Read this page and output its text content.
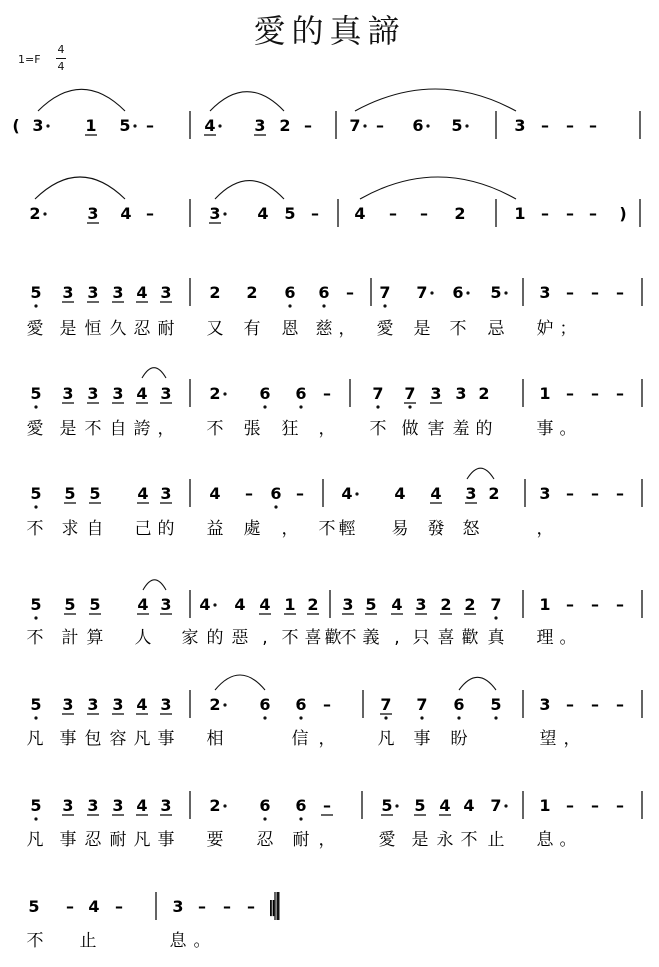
愛的真諦
1=F
4
4
( 3	1 5 –	4 3 2 – 7 – 6 5	3 – – –
2	3 4 –	3 4 5 – 4 – – 2	1 – – – )
5 3 3 3 4 3 2 2 6 6 – 7 7 6 5 3 – – –
愛 是 恒 久 忍 耐 又 有 恩 慈 ， 愛 是 不 忌 妒 ；
5 3 3 3 4 3 2 6 6 –	7 7 3 3 2	1 – – –
愛 是 不 自 誇 ， 不 張 狂 ， 不 做 害 羞 的	事 。
5 5 5 4 3 4 – 6 – 4	4 4 3 2 3 – – –
不 求 自 己 的 益 處 ， 不 輕 易 發 怒	，
5 5 5 4 3 4 4 4 1 2 3 5 4 3 2 2 7 1 – – –
不 計 算 人 家 的 惡 , 不 喜 歡
不 義 , 只 喜 歡 真 理 。
5 3 3 3 4 3 2 6 6 –	7 7 6 5 3 – – –
凡 事 包 容 凡 事 相	信 ， 凡 事 盼	望 ，
5 3 3 3 4 3 2 6 6 –	5 5 4 4 7 1 – – –
凡 事 忍 耐 凡 事 要 忍 耐 ，	愛 是 永 不 止 息 。
5 – 4 –	3 – – – ‖
不 止	息 。
